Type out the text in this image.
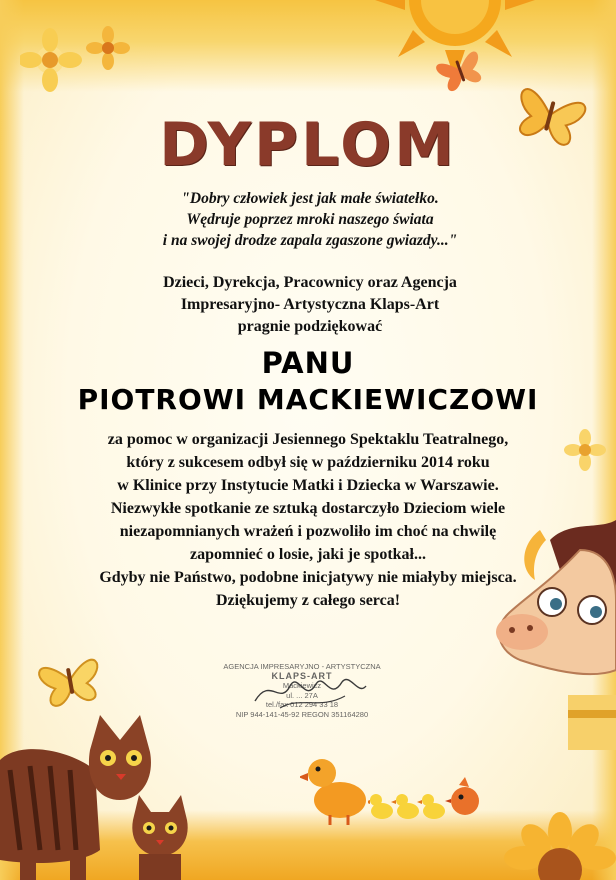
DYPLOM
"Dobry człowiek jest jak małe światełko.
Wędruje poprzez mroki naszego świata
i na swojej drodze zapala zgaszone gwiazdy..."
Dzieci, Dyrekcja, Pracownicy oraz Agencja
Impresaryjno- Artystyczna Klaps-Art
pragnie podziękować
PANU
PIOTROWI MACKIEWICZOWI
za pomoc w organizacji Jesiennego Spektaklu Teatralnego,
który z sukcesem odbył się w październiku 2014 roku
w Klinice przy Instytucie Matki i Dziecka w Warszawie.
Niezwykłe spotkanie ze sztuką dostarczyło Dzieciom wiele
niezapomnianych wrażeń i pozwoliło im choć na chwilę
zapomnieć o losie, jaki je spotkał...
Gdyby nie Państwo, podobne inicjatywy nie miałyby miejsca.
Dziękujemy z całego serca!
AGENCJA IMPRESARYJNO - ARTYSTYCZNA
KLAPS-ART
Mackiewicz
ul. ... 27A
tel./fax 012 294 33 18
NIP 944-141-45-92 REGON 351164280
